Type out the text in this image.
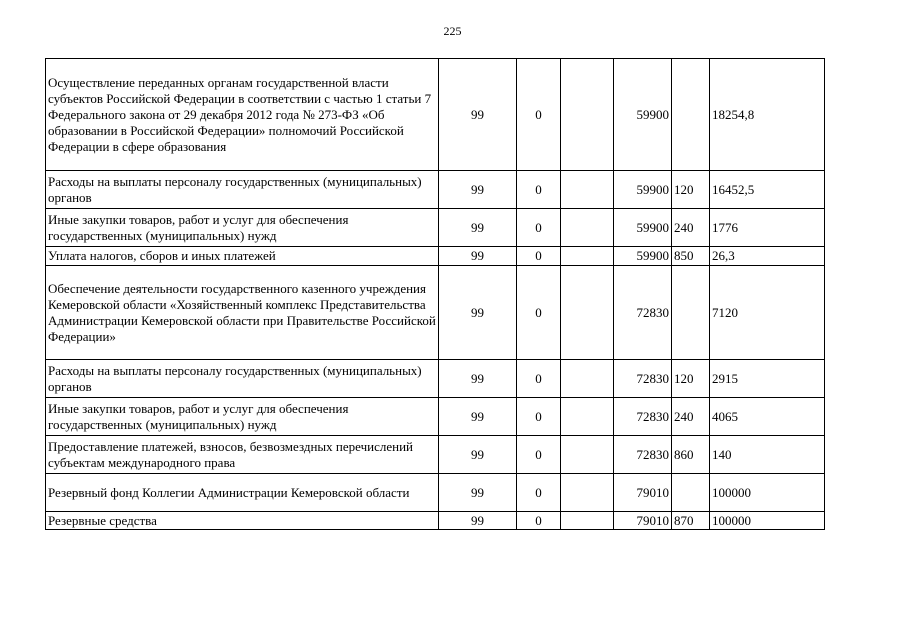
225
Осуществление переданных органам государственной власти субъектов Российской Федерации в соответствии с частью 1 статьи 7 Федерального закона от 29 декабря 2012 года № 273-ФЗ «Об образовании в Российской Федерации» полномочий Российской Федерации в сфере образования	99	0		59900		18254,8
Расходы на выплаты персоналу государственных (муниципальных) органов	99	0		59900	120	16452,5
Иные закупки товаров, работ и услуг для обеспечения государственных (муниципальных) нужд	99	0		59900	240	1776
Уплата налогов, сборов и иных платежей	99	0		59900	850	26,3
Обеспечение деятельности государственного казенного учреждения Кемеровской области «Хозяйственный комплекс Представительства Администрации Кемеровской области при Правительстве Российской Федерации»	99	0		72830		7120
Расходы на выплаты персоналу государственных (муниципальных) органов	99	0		72830	120	2915
Иные закупки товаров, работ и услуг для обеспечения государственных (муниципальных) нужд	99	0		72830	240	4065
Предоставление платежей, взносов, безвозмездных перечислений субъектам международного права	99	0		72830	860	140
Резервный фонд Коллегии Администрации Кемеровской области	99	0		79010		100000
Резервные средства	99	0		79010	870	100000
